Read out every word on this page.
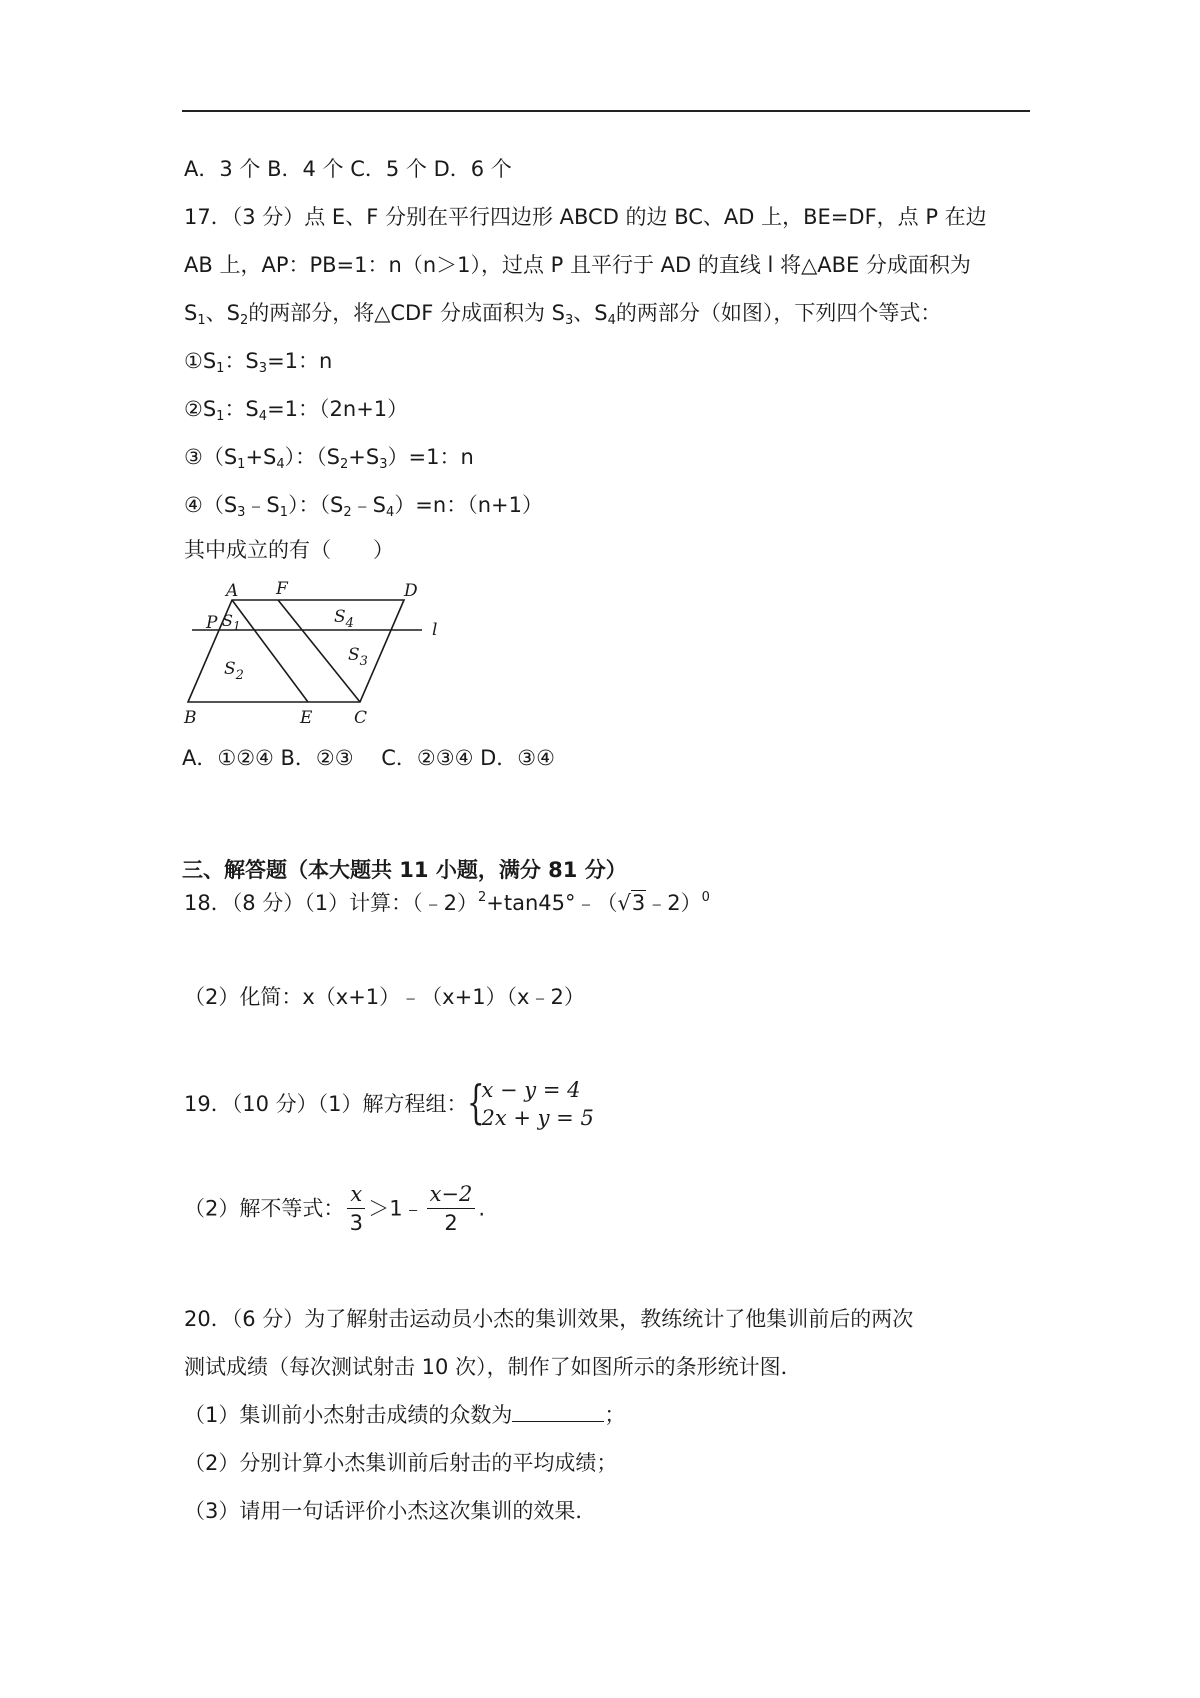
A．3 个 B．4 个 C．5 个 D．6 个
17．（3 分）点 E、F 分别在平行四边形 ABCD 的边 BC、AD 上，BE=DF，点 P 在边
AB 上，AP：PB=1：n（n＞1），过点 P 且平行于 AD 的直线 l 将△ABE 分成面积为
$S_1$、$S_2$的两部分，将△CDF 分成面积为 $S_3$、$S_4$的两部分（如图），下列四个等式：
$①S_1$：$S_3=1$：n
$②S_1$：$S_4=1$：（2n+1）
$③(S_1+S_4)$：$(S_2+S_3)=1$：n
$④(S_3﹣S_1)$：$(S_2﹣S_4)=n$：（n+1）
其中成立的有（　　）
A F	D
P	l
B	E C
$S_1$
$S_2$
$S_3$
$S_4$
A．①②④ B．②③　 C．②③④ D．③④
三、解答题（本大题共 11 小题，满分 81 分）
18．（8 分）（1）计算：（﹣2）$^2$+tan45°﹣（√3﹣2）$^0$
（2）化简：x（x+1）﹣（x+1）（x﹣2）
19．（10 分）（1）解方程组： {
x − y = 4
2x + y = 5
（2）解不等式： $\frac{x}{3}$ ＞1﹣ $\frac{x-2}{2}$ .
20．（6 分）为了解射击运动员小杰的集训效果，教练统计了他集训前后的两次
测试成绩（每次测试射击 10 次），制作了如图所示的条形统计图．
（1）集训前小杰射击成绩的众数为	；
（2）分别计算小杰集训前后射击的平均成绩；
（3）请用一句话评价小杰这次集训的效果．
